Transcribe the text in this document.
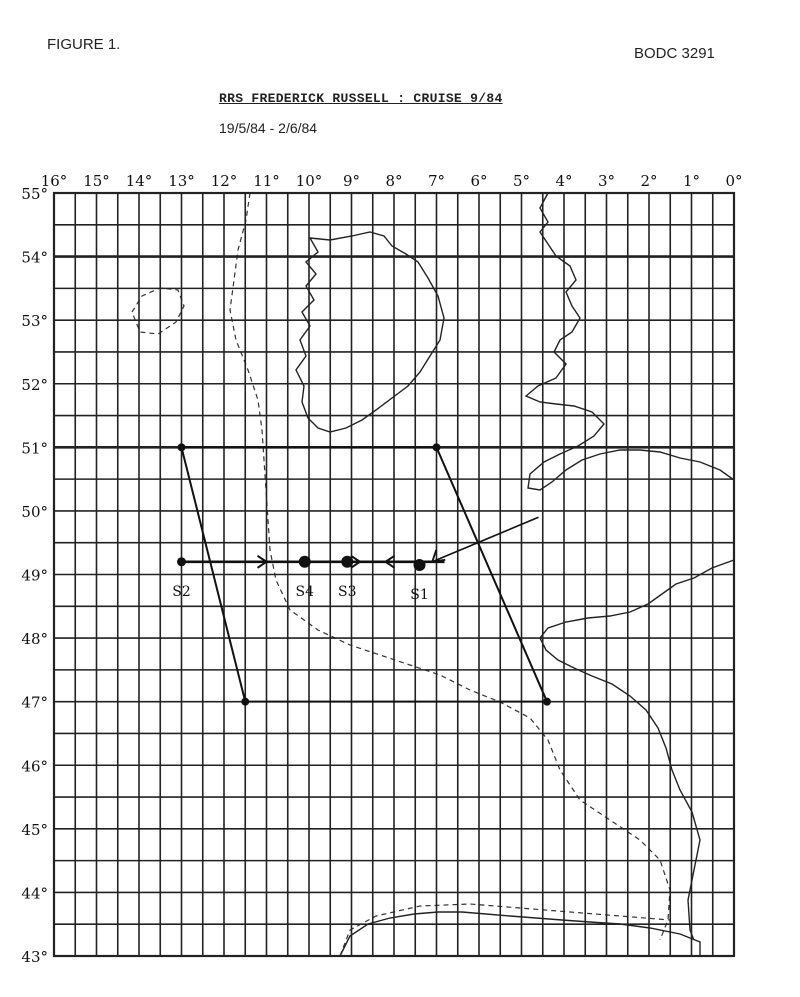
FIGURE 1.
BODC 3291
RRS FREDERICK RUSSELL : CRUISE 9/84
19/5/84 - 2/6/84
16° 15° 14° 13° 12° 11° 10° 9° 8° 7° 6° 5° 4° 3° 2° 1° 0°
55°
54°
53°
52°
51°
50°
49°
48°
47°
46°
45°
44°
43°
S2	S4 S3	S1
